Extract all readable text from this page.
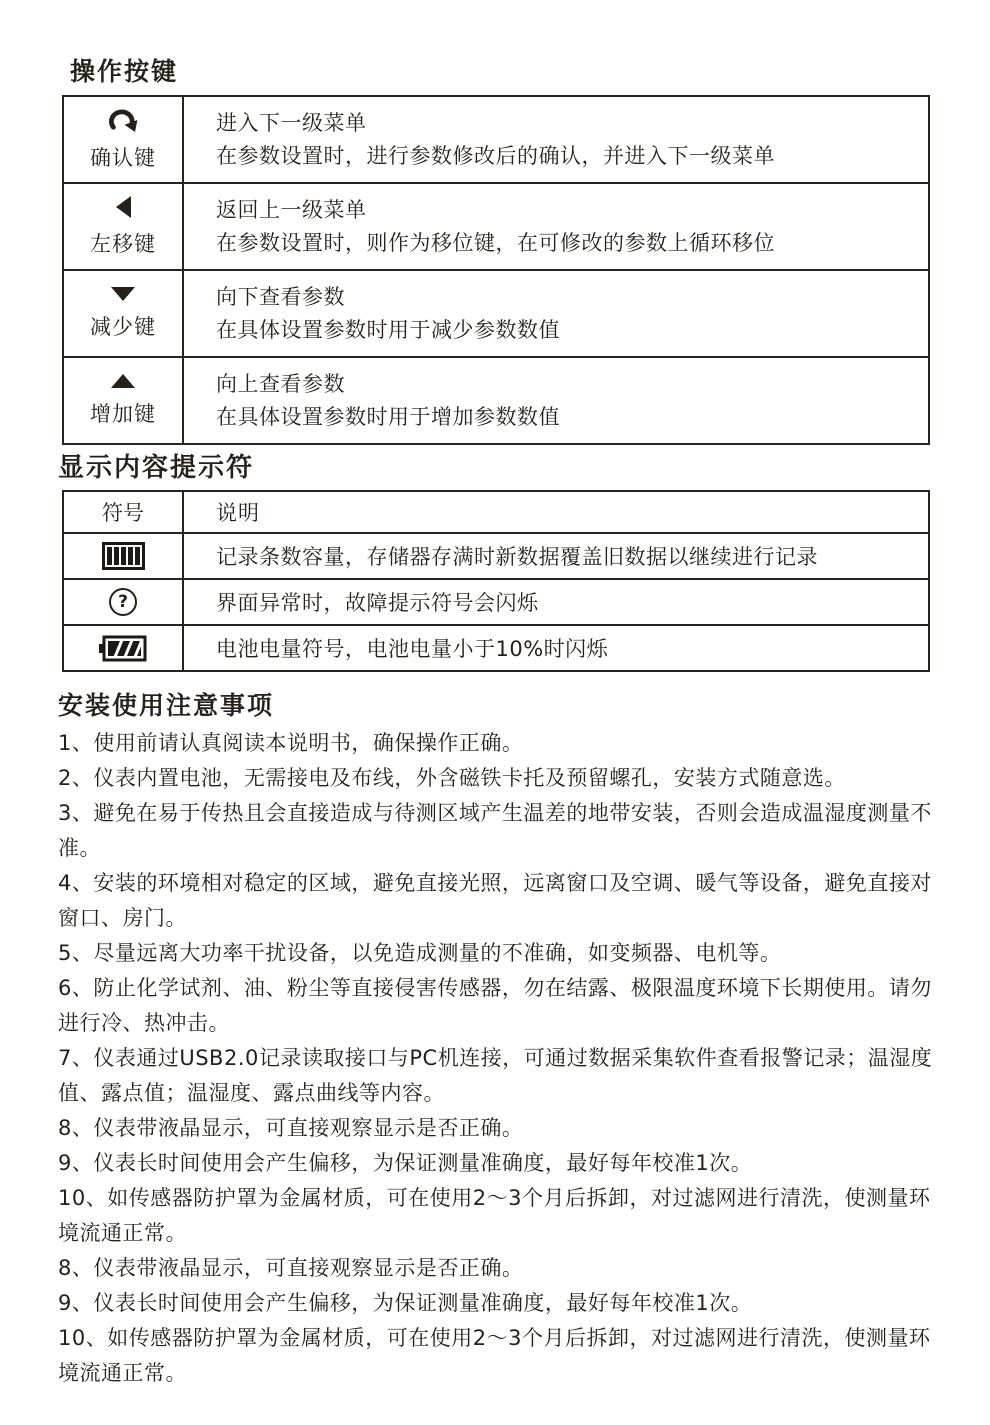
操作按键
确认键	进入下一级菜单
在参数设置时，进行参数修改后的确认，并进入下一级菜单

左移键	返回上一级菜单
在参数设置时，则作为移位键，在可修改的参数上循环移位

减少键	向下查看参数
在具体设置参数时用于减少参数数值

增加键	向上查看参数
在具体设置参数时用于增加参数数值
显示内容提示符
符号	说明

	记录条数容量，存储器存满时新数据覆盖旧数据以继续进行记录
?	界面异常时，故障提示符号会闪烁
	电池电量符号，电池电量小于10%时闪烁
安装使用注意事项

1、使用前请认真阅读本说明书，确保操作正确。

2、仪表内置电池，无需接电及布线，外含磁铁卡托及预留螺孔，安装方式随意选。

3、避免在易于传热且会直接造成与待测区域产生温差的地带安装，否则会造成温湿度测量不准。

4、安装的环境相对稳定的区域，避免直接光照，远离窗口及空调、暖气等设备，避免直接对窗口、房门。

5、尽量远离大功率干扰设备，以免造成测量的不准确，如变频器、电机等。

6、防止化学试剂、油、粉尘等直接侵害传感器，勿在结露、极限温度环境下长期使用。请勿进行冷、热冲击。

7、仪表通过USB2.0记录读取接口与PC机连接，可通过数据采集软件查看报警记录；温湿度值、露点值；温湿度、露点曲线等内容。

8、仪表带液晶显示，可直接观察显示是否正确。

9、仪表长时间使用会产生偏移，为保证测量准确度，最好每年校准1次。

10、如传感器防护罩为金属材质，可在使用2～3个月后拆卸，对过滤网进行清洗，使测量环境流通正常。

8、仪表带液晶显示，可直接观察显示是否正确。

9、仪表长时间使用会产生偏移，为保证测量准确度，最好每年校准1次。

10、如传感器防护罩为金属材质，可在使用2～3个月后拆卸，对过滤网进行清洗，使测量环境流通正常。
